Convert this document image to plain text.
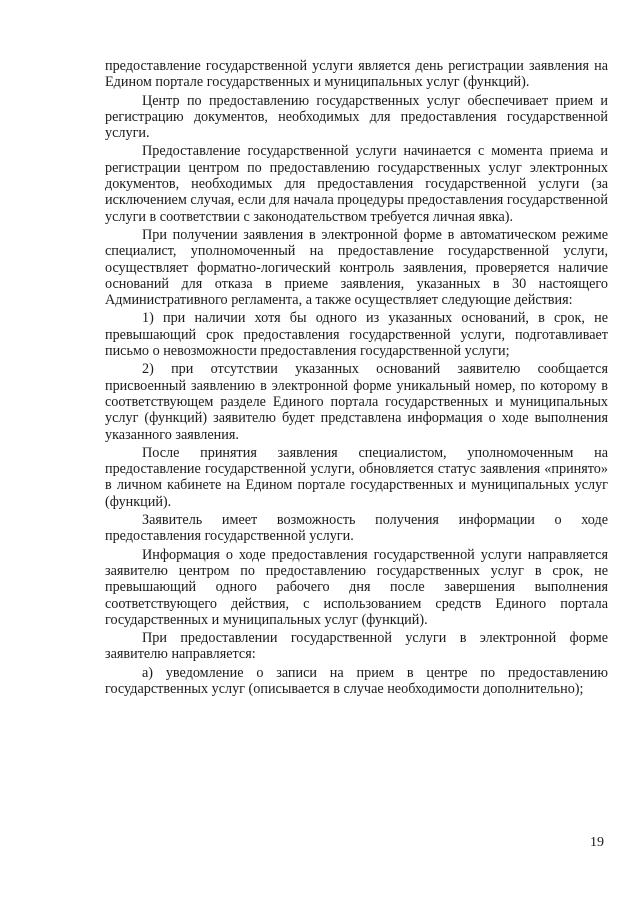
предоставление государственной услуги является день регистрации заявления на Едином портале государственных и муниципальных услуг (функций).

Центр по предоставлению государственных услуг обеспечивает прием и регистрацию документов, необходимых для предоставления государственной услуги.

Предоставление государственной услуги начинается с момента приема и регистрации центром по предоставлению государственных услуг электронных документов, необходимых для предоставления государственной услуги (за исключением случая, если для начала процедуры предоставления государственной услуги в соответствии с законодательством требуется личная явка).

При получении заявления в электронной форме в автоматическом режиме специалист, уполномоченный на предоставление государственной услуги, осуществляет форматно-логический контроль заявления, проверяется наличие оснований для отказа в приеме заявления, указанных в 30 настоящего Административного регламента, а также осуществляет следующие действия:

1) при наличии хотя бы одного из указанных оснований, в срок, не превышающий срок предоставления государственной услуги, подготавливает письмо о невозможности предоставления государственной услуги;

2) при отсутствии указанных оснований заявителю сообщается присвоенный заявлению в электронной форме уникальный номер, по которому в соответствующем разделе Единого портала государственных и муниципальных услуг (функций) заявителю будет представлена информация о ходе выполнения указанного заявления.

После принятия заявления специалистом, уполномоченным на предоставление государственной услуги, обновляется статус заявления «принято» в личном кабинете на Едином портале государственных и муниципальных услуг (функций).

Заявитель имеет возможность получения информации о ходе предоставления государственной услуги.

Информация о ходе предоставления государственной услуги направляется заявителю центром по предоставлению государственных услуг в срок, не превышающий одного рабочего дня после завершения выполнения соответствующего действия, с использованием средств Единого портала государственных и муниципальных услуг (функций).

При предоставлении государственной услуги в электронной форме заявителю направляется:

а) уведомление о записи на прием в центре по предоставлению государственных услуг (описывается в случае необходимости дополнительно);

19
